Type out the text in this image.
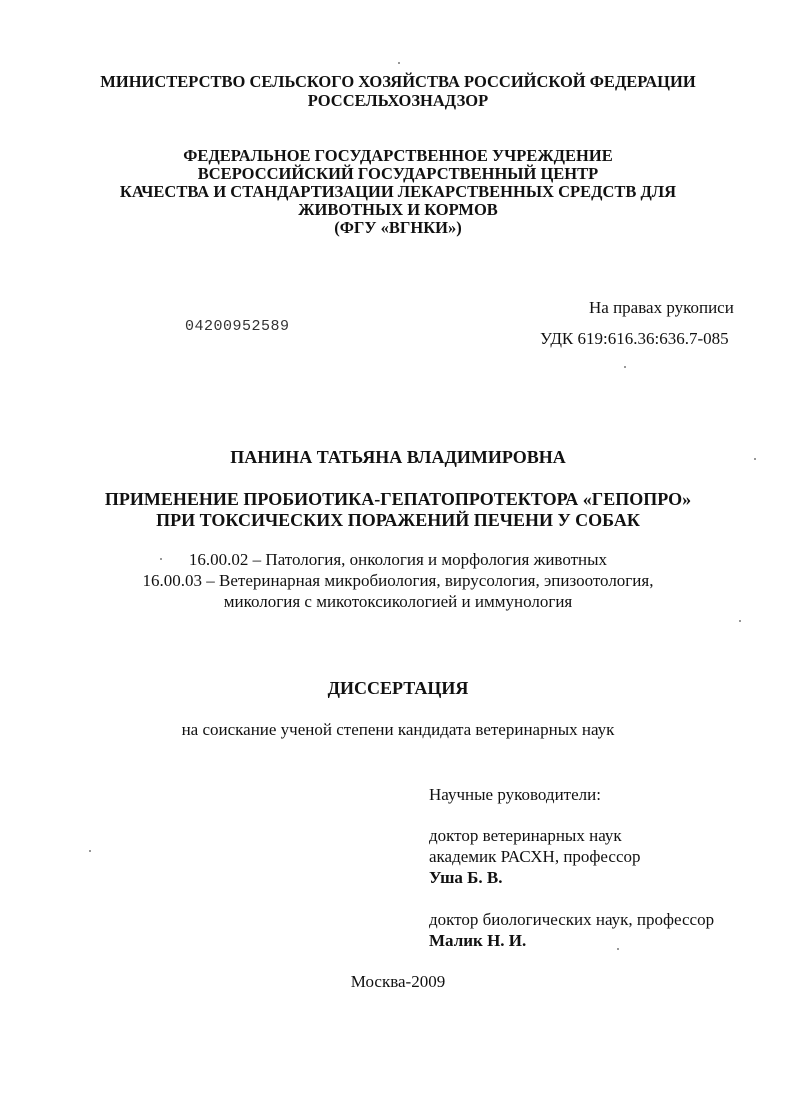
МИНИСТЕРСТВО СЕЛЬСКОГО ХОЗЯЙСТВА РОССИЙСКОЙ ФЕДЕРАЦИИ
РОССЕЛЬХОЗНАДЗОР
ФЕДЕРАЛЬНОЕ ГОСУДАРСТВЕННОЕ УЧРЕЖДЕНИЕ
ВСЕРОССИЙСКИЙ ГОСУДАРСТВЕННЫЙ ЦЕНТР
КАЧЕСТВА И СТАНДАРТИЗАЦИИ ЛЕКАРСТВЕННЫХ СРЕДСТВ ДЛЯ
ЖИВОТНЫХ И КОРМОВ
(ФГУ «ВГНКИ»)
На правах рукописи
04200952589
УДК 619:616.36:636.7-085
ПАНИНА ТАТЬЯНА ВЛАДИМИРОВНА
ПРИМЕНЕНИЕ ПРОБИОТИКА-ГЕПАТОПРОТЕКТОРА «ГЕПОПРО»
ПРИ ТОКСИЧЕСКИХ ПОРАЖЕНИЙ ПЕЧЕНИ У СОБАК
16.00.02 – Патология, онкология и морфология животных
16.00.03 – Ветеринарная микробиология, вирусология, эпизоотология,
микология с микотоксикологией и иммунология
ДИССЕРТАЦИЯ
на соискание ученой степени кандидата ветеринарных наук
Научные руководители:
доктор ветеринарных наук
академик РАСХН, профессор
Уша Б. В.
доктор биологических наук, профессор
Малик Н. И.
Москва-2009
